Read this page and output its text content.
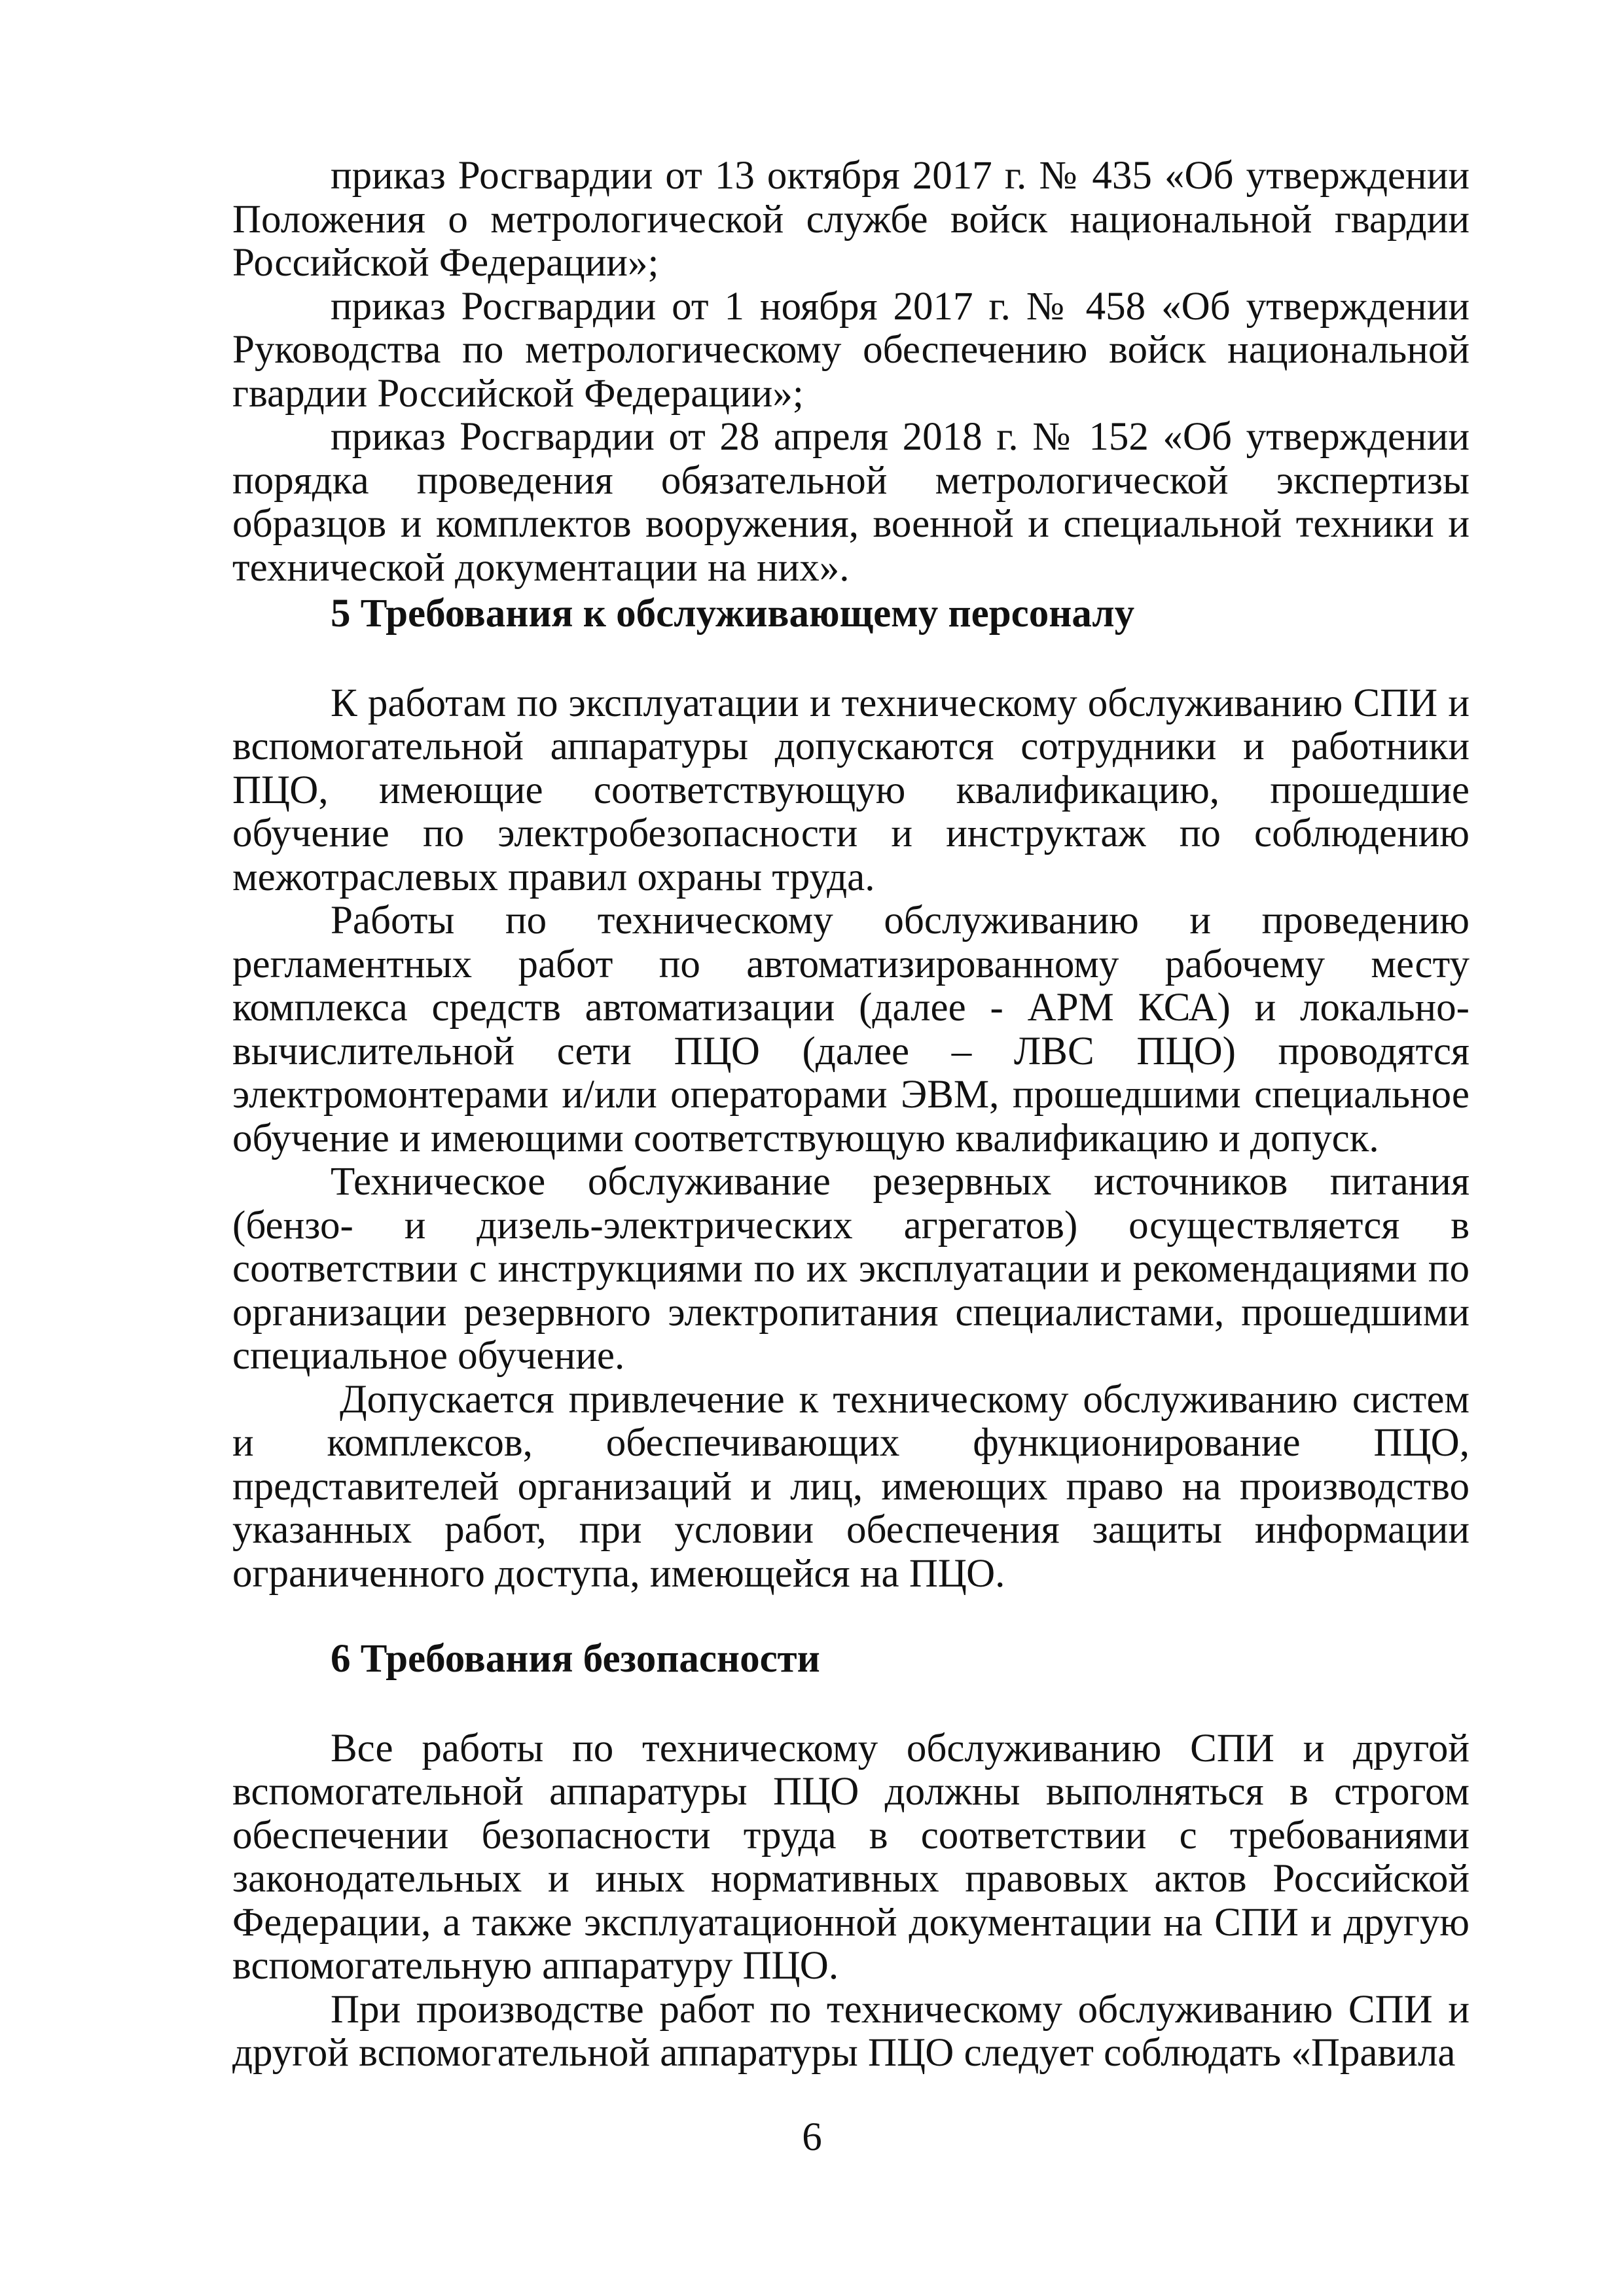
приказ Росгвардии от 13 октября 2017 г. № 435 «Об утверждении Положения о метрологической службе войск национальной гвардии Российской Федерации»;

приказ Росгвардии от 1 ноября 2017 г. № 458 «Об утверждении Руководства по метрологическому обеспечению войск национальной гвардии Российской Федерации»;

приказ Росгвардии от 28 апреля 2018 г. № 152 «Об утверждении порядка проведения обязательной метрологической экспертизы образцов и комплектов вооружения, военной и специальной техники и технической документации на них».

5 Требования к обслуживающему персоналу

К работам по эксплуатации и техническому обслуживанию СПИ и вспомогательной аппаратуры допускаются сотрудники и работники ПЦО, имеющие соответствующую квалификацию, прошедшие обучение по электробезопасности и инструктаж по соблюдению межотраслевых правил охраны труда.

Работы по техническому обслуживанию и проведению регламентных работ по автоматизированному рабочему месту комплекса средств автоматизации (далее - АРМ КСА) и локально-вычислительной сети ПЦО (далее – ЛВС ПЦО) проводятся электромонтерами и/или операторами ЭВМ, прошедшими специальное обучение и имеющими соответствующую квалификацию и допуск.

Техническое обслуживание резервных источников питания (бензо- и дизель-электрических агрегатов) осуществляется в соответствии с инструкциями по их эксплуатации и рекомендациями по организации резервного электропитания специалистами, прошедшими специальное обучение.

Допускается привлечение к техническому обслуживанию систем и комплексов, обеспечивающих функционирование ПЦО, представителей организаций и лиц, имеющих право на производство указанных работ, при условии обеспечения защиты информации ограниченного доступа, имеющейся на ПЦО.

6 Требования безопасности

Все работы по техническому обслуживанию СПИ и другой вспомогательной аппаратуры ПЦО должны выполняться в строгом обеспечении безопасности труда в соответствии с требованиями законодательных и иных нормативных правовых актов Российской Федерации, а также эксплуатационной документации на СПИ и другую вспомогательную аппаратуру ПЦО.

При производстве работ по техническому обслуживанию СПИ и другой вспомогательной аппаратуры ПЦО следует соблюдать «Правила

6
